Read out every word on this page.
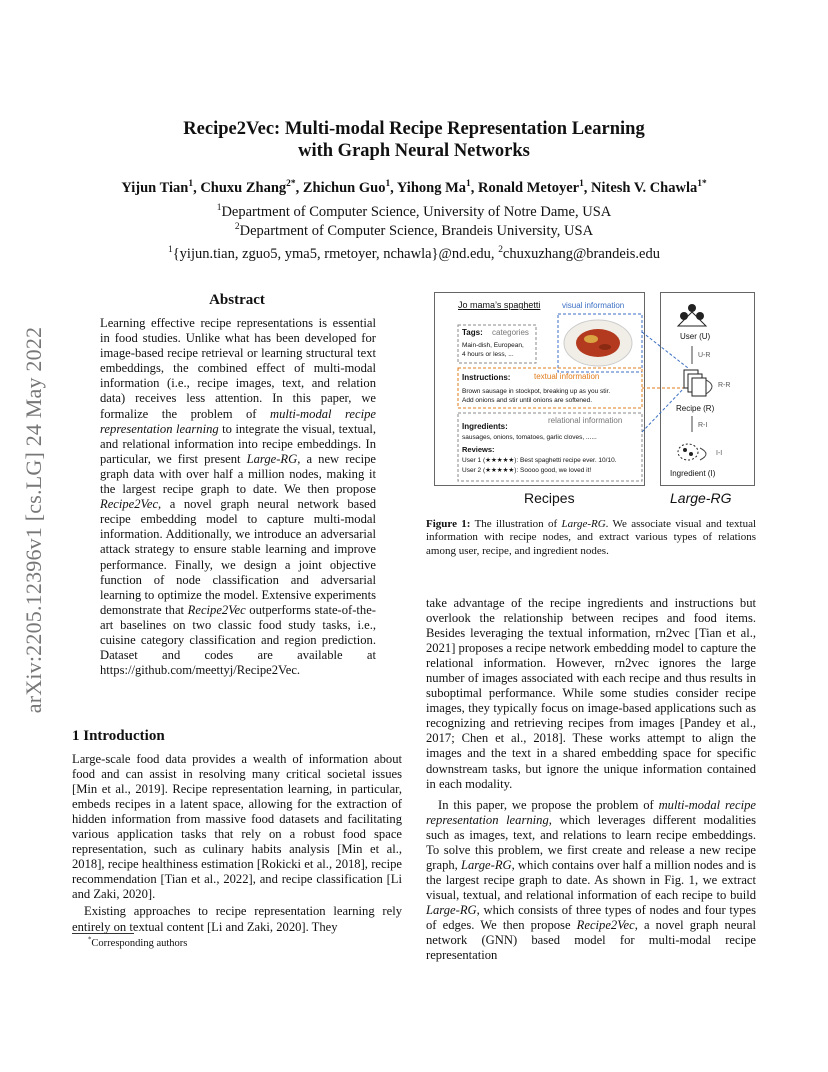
Recipe2Vec: Multi-modal Recipe Representation Learning
with Graph Neural Networks
Yijun Tian$^1$, Chuxu Zhang$^{2*}$, Zhichun Guo$^1$, Yihong Ma$^1$, Ronald Metoyer$^1$, Nitesh V. Chawla$^{1*}$
$^1$Department of Computer Science, University of Notre Dame, USA
$^2$Department of Computer Science, Brandeis University, USA
$^1${yijun.tian, zguo5, yma5, rmetoyer, nchawla}@nd.edu, $^2$chuxuzhang@brandeis.edu
arXiv:2205.12396v1 [cs.LG] 24 May 2022
Abstract
Learning effective recipe representations is essential in food studies. Unlike what has been developed for image-based recipe retrieval or learning structural text embeddings, the combined effect of multi-modal information (i.e., recipe images, text, and relation data) receives less attention. In this paper, we formalize the problem of multi-modal recipe representation learning to integrate the visual, textual, and relational information into recipe embeddings. In particular, we first present Large-RG, a new recipe graph data with over half a million nodes, making it the largest recipe graph to date. We then propose Recipe2Vec, a novel graph neural network based recipe embedding model to capture multi-modal information. Additionally, we introduce an adversarial attack strategy to ensure stable learning and improve performance. Finally, we design a joint objective function of node classification and adversarial learning to optimize the model. Extensive experiments demonstrate that Recipe2Vec outperforms state-of-the-art baselines on two classic food study tasks, i.e., cuisine category classification and region prediction. Dataset and codes are available at https://github.com/meettyj/Recipe2Vec.
1 Introduction

Large-scale food data provides a wealth of information about food and can assist in resolving many critical societal issues [Min et al., 2019]. Recipe representation learning, in particular, embeds recipes in a latent space, allowing for the extraction of hidden information from massive food datasets and facilitating various application tasks that rely on a robust food space representation, such as culinary habits analysis [Min et al., 2018], recipe healthiness estimation [Rokicki et al., 2018], recipe recommendation [Tian et al., 2022], and recipe classification [Li and Zaki, 2020].

Existing approaches to recipe representation learning rely entirely on textual content [Li and Zaki, 2020]. They

*Corresponding authors
Jo mama’s spaghetti	visual information
Tags: categories
Main-dish, European,
4 hours or less, ...
Instructions:	textual information
Brown sausage in stockpot, breaking up as you stir.
Add onions and stir until onions are softened.
relational information
Ingredients:
sausages, onions, tomatoes, garlic cloves, ......
Reviews:
User 1 (★★★★★): Best spaghetti recipe ever. 10/10.
User 2 (★★★★★): Soooo good, we loved it!
User (U)
U-R
R-R
Recipe (R)
R-I
I-I
Ingredient (I)
Recipes	Large-RG
Figure 1: The illustration of Large-RG. We associate visual and textual information with recipe nodes, and extract various types of relations among user, recipe, and ingredient nodes.

take advantage of the recipe ingredients and instructions but overlook the relationship between recipes and food items. Besides leveraging the textual information, rn2vec [Tian et al., 2021] proposes a recipe network embedding model to capture the relational information. However, rn2vec ignores the large number of images associated with each recipe and thus results in suboptimal performance. While some studies consider recipe images, they typically focus on image-based applications such as recognizing and retrieving recipes from images [Pandey et al., 2017; Chen et al., 2018]. These works attempt to align the images and the text in a shared embedding space for specific downstream tasks, but ignore the unique information contained in each modality.

In this paper, we propose the problem of multi-modal recipe representation learning, which leverages different modalities such as images, text, and relations to learn recipe embeddings. To solve this problem, we first create and release a new recipe graph, Large-RG, which contains over half a million nodes and is the largest recipe graph to date. As shown in Fig. 1, we extract visual, textual, and relational information of each recipe to build Large-RG, which consists of three types of nodes and four types of edges. We then propose Recipe2Vec, a novel graph neural network (GNN) based model for multi-modal recipe representation
